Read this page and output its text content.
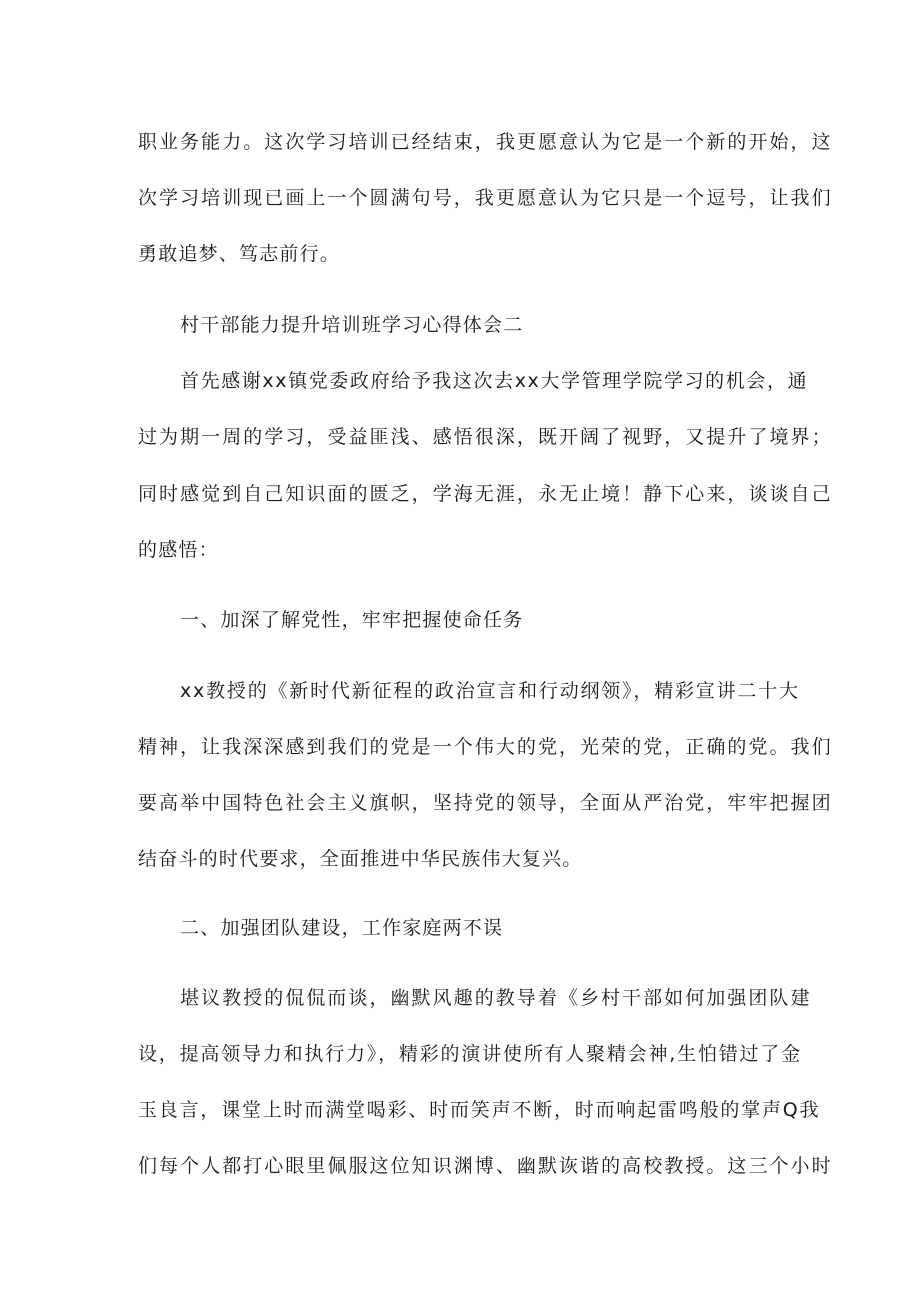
职业务能力。这次学习培训已经结束，我更愿意认为它是一个新的开始，这
次学习培训现已画上一个圆满句号，我更愿意认为它只是一个逗号，让我们
勇敢追梦、笃志前行。
村干部能力提升培训班学习心得体会二
首先感谢xx镇党委政府给予我这次去xx大学管理学院学习的机会，通
过为期一周的学习，受益匪浅、感悟很深，既开阔了视野，又提升了境界；
同时感觉到自己知识面的匮乏，学海无涯，永无止境！静下心来，谈谈自己
的感悟：
一、加深了解党性，牢牢把握使命任务
xx教授的《新时代新征程的政治宣言和行动纲领》，精彩宣讲二十大
精神，让我深深感到我们的党是一个伟大的党，光荣的党，正确的党。我们
要高举中国特色社会主义旗帜，坚持党的领导，全面从严治党，牢牢把握团
结奋斗的时代要求，全面推进中华民族伟大复兴。
二、加强团队建设，工作家庭两不误
堪议教授的侃侃而谈，幽默风趣的教导着《乡村干部如何加强团队建
设，提高领导力和执行力》，精彩的演讲使所有人聚精会神,生怕错过了金
玉良言，课堂上时而满堂喝彩、时而笑声不断，时而响起雷鸣般的掌声Q我
们每个人都打心眼里佩服这位知识渊博、幽默诙谐的高校教授。这三个小时
